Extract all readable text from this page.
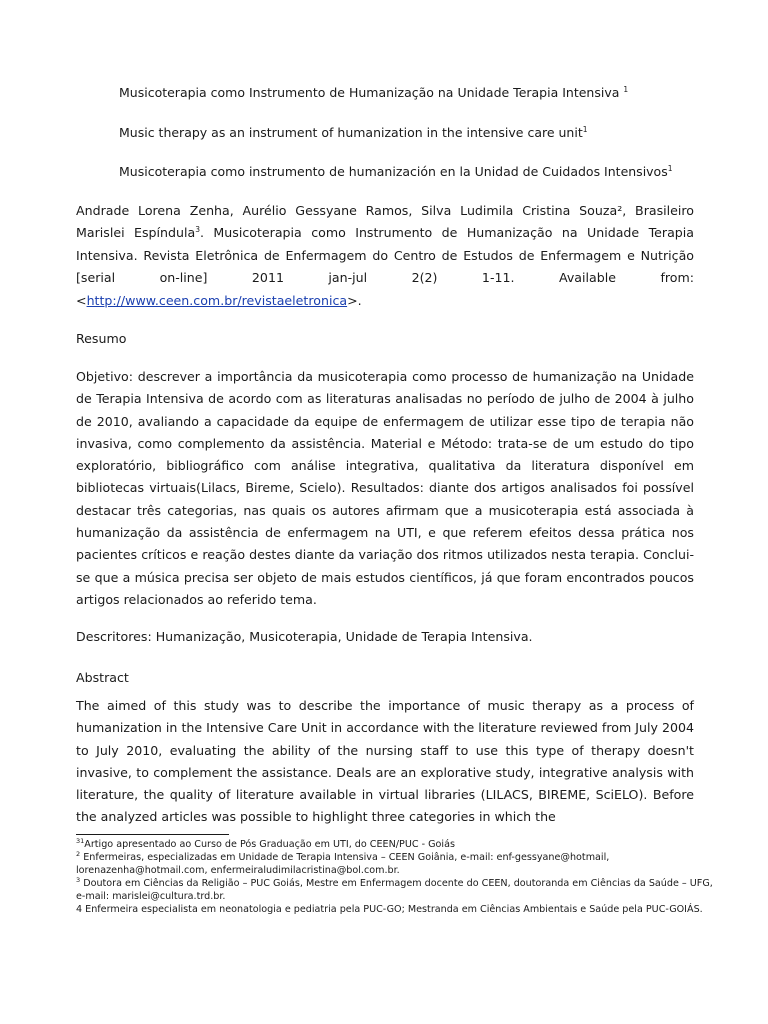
Musicoterapia como Instrumento de Humanização na Unidade Terapia Intensiva $^1$
Music therapy as an instrument of humanization in the intensive care unit$^1$
Musicoterapia como instrumento de humanización en la Unidad de Cuidados Intensivos$^1$
Andrade Lorena Zenha, Aurélio Gessyane Ramos, Silva Ludimila Cristina Souza², Brasileiro Marislei Espíndula$^3$. Musicoterapia como Instrumento de Humanização na Unidade Terapia Intensiva. Revista Eletrônica de Enfermagem do Centro de Estudos de Enfermagem e Nutrição [serial on-line] 2011 jan-jul 2(2) 1-11. Available from: <http://www.ceen.com.br/revistaeletronica>.
Resumo
Objetivo: descrever a importância da musicoterapia como processo de humanização na Unidade de Terapia Intensiva de acordo com as literaturas analisadas no período de julho de 2004 à julho de 2010, avaliando a capacidade da equipe de enfermagem de utilizar esse tipo de terapia não invasiva, como complemento da assistência. Material e Método: trata-se de um estudo do tipo exploratório, bibliográfico com análise integrativa, qualitativa da literatura disponível em bibliotecas virtuais(Lilacs, Bireme, Scielo). Resultados: diante dos artigos analisados foi possível destacar três categorias, nas quais os autores afirmam que a musicoterapia está associada à humanização da assistência de enfermagem na UTI, e que referem efeitos dessa prática nos pacientes críticos e reação destes diante da variação dos ritmos utilizados nesta terapia. Conclui-se que a música precisa ser objeto de mais estudos científicos, já que foram encontrados poucos artigos relacionados ao referido tema.
Descritores: Humanização, Musicoterapia, Unidade de Terapia Intensiva.
Abstract
The aimed of this study was to describe the importance of music therapy as a process of humanization in the Intensive Care Unit in accordance with the literature reviewed from July 2004 to July 2010, evaluating the ability of the nursing staff to use this type of therapy doesn't invasive, to complement the assistance. Deals are an explorative study, integrative analysis with literature, the quality of literature available in virtual libraries (LILACS, BIREME, SciELO). Before the analyzed articles was possible to highlight three categories in which the
$^{31}$Artigo apresentado ao Curso de Pós Graduação em UTI, do CEEN/PUC - Goiás
$^2$ Enfermeiras, especializadas em Unidade de Terapia Intensiva – CEEN Goiânia, e-mail: enf-gessyane@hotmail, lorenazenha@hotmail.com, enfermeiraludimilacristina@bol.com.br.
$^3$ Doutora em Ciências da Religião – PUC Goiás, Mestre em Enfermagem docente do CEEN, doutoranda em Ciências da Saúde – UFG, e-mail: marislei@cultura.trd.br.
4 Enfermeira especialista em neonatologia e pediatria pela PUC-GO; Mestranda em Ciências Ambientais e Saúde pela PUC-GOIÁS.
